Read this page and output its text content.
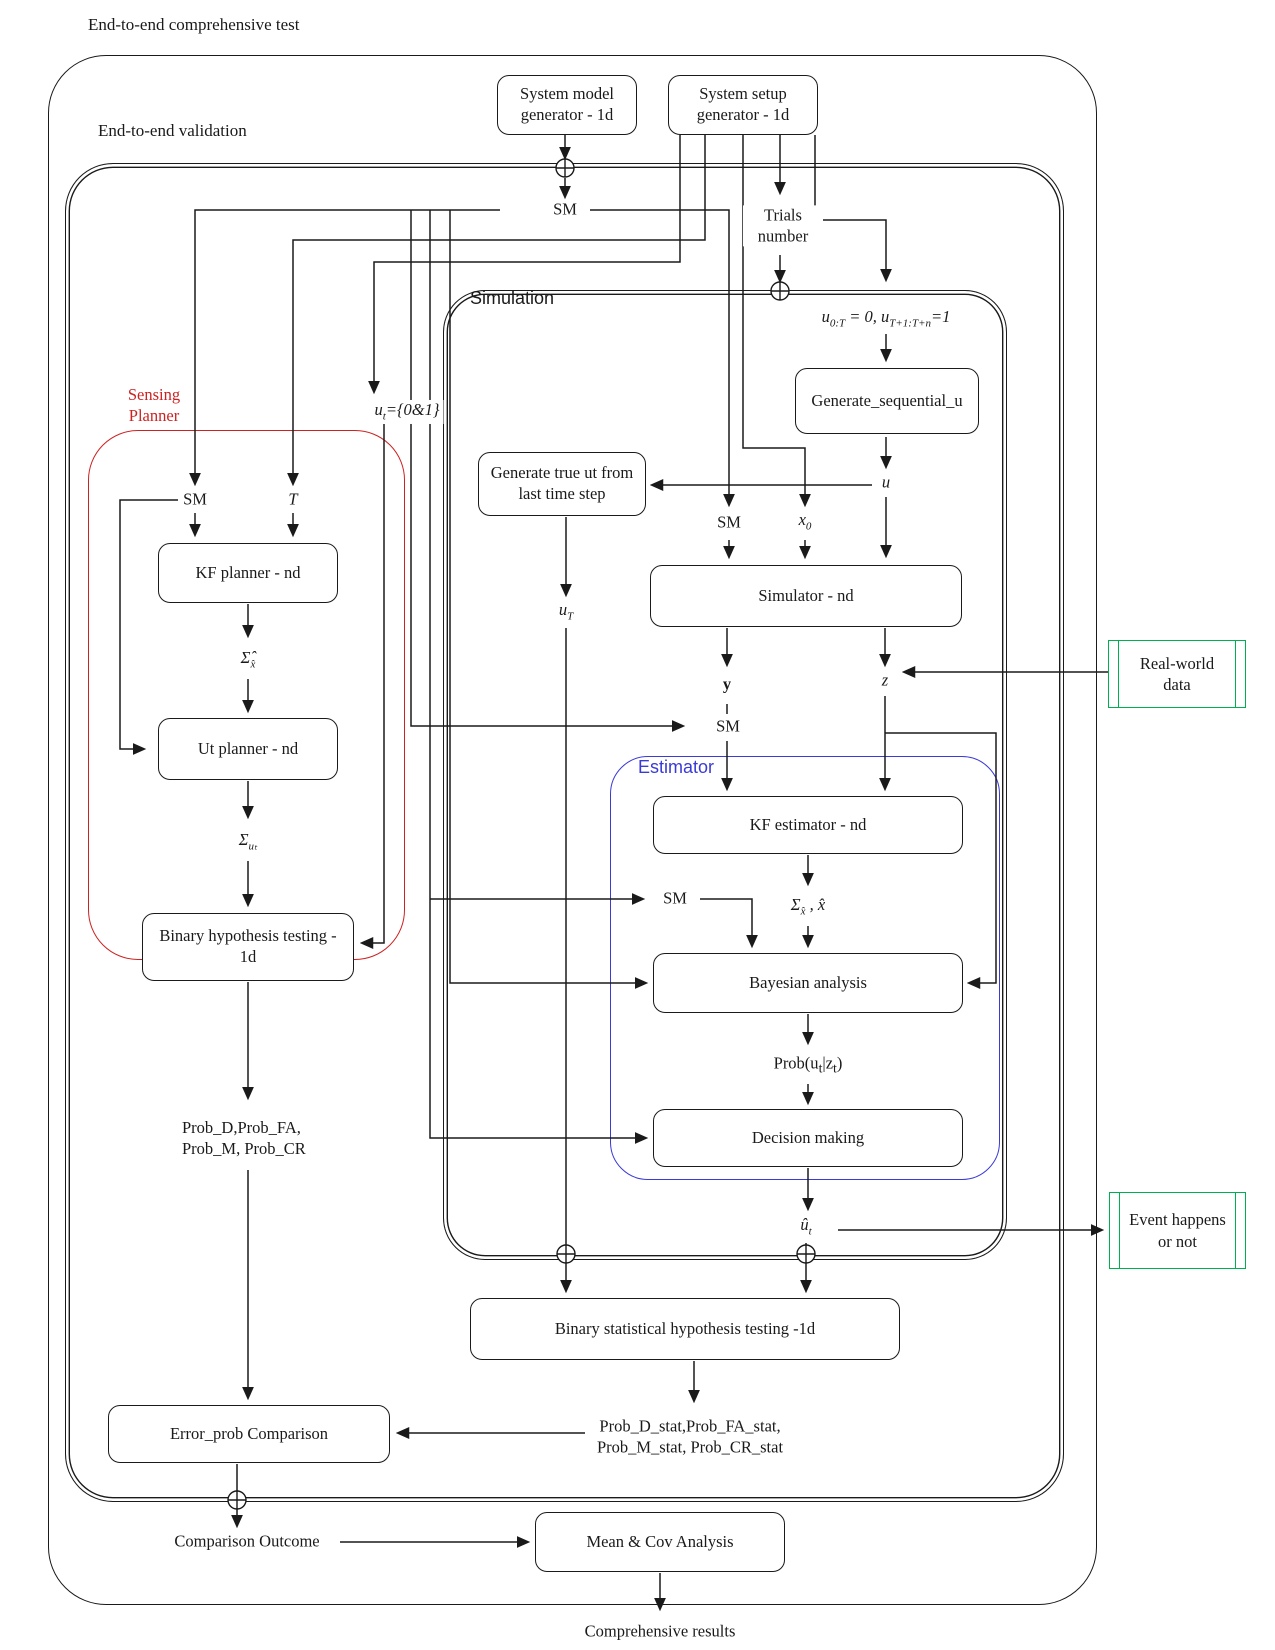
End-to-end comprehensive test
End-to-end validation
Simulation
Sensing Planner
Estimator
System model generator - 1d
System setup generator - 1d
Generate_sequential_u
Generate true ut from last time step
KF planner - nd
Ut planner - nd
Binary hypothesis testing - 1d
Simulator - nd
KF estimator - nd
Bayesian analysis
Decision making
Binary statistical hypothesis testing -1d
Error_prob Comparison
Mean & Cov Analysis
Real-world data
Event happens or not
SM	Trials number
$u_{0:T} = 0$, $u_{T+1:T+n}=1$
$u_t=\{0\&1\}$
SM	T
$\Sigmâ_{x̂}$
$\Sigma_{u_t}$
u
SM	$x_0$
$u_T$
y	z
SM
SM	$\Sigma_{x̂}$ , x̂
$Prob(u_t|z_t)$
$û_t$
Prob_D,Prob_FA,
Prob_M, Prob_CR
Prob_D_stat,Prob_FA_stat,
Prob_M_stat, Prob_CR_stat
Comparison Outcome
Comprehensive results
